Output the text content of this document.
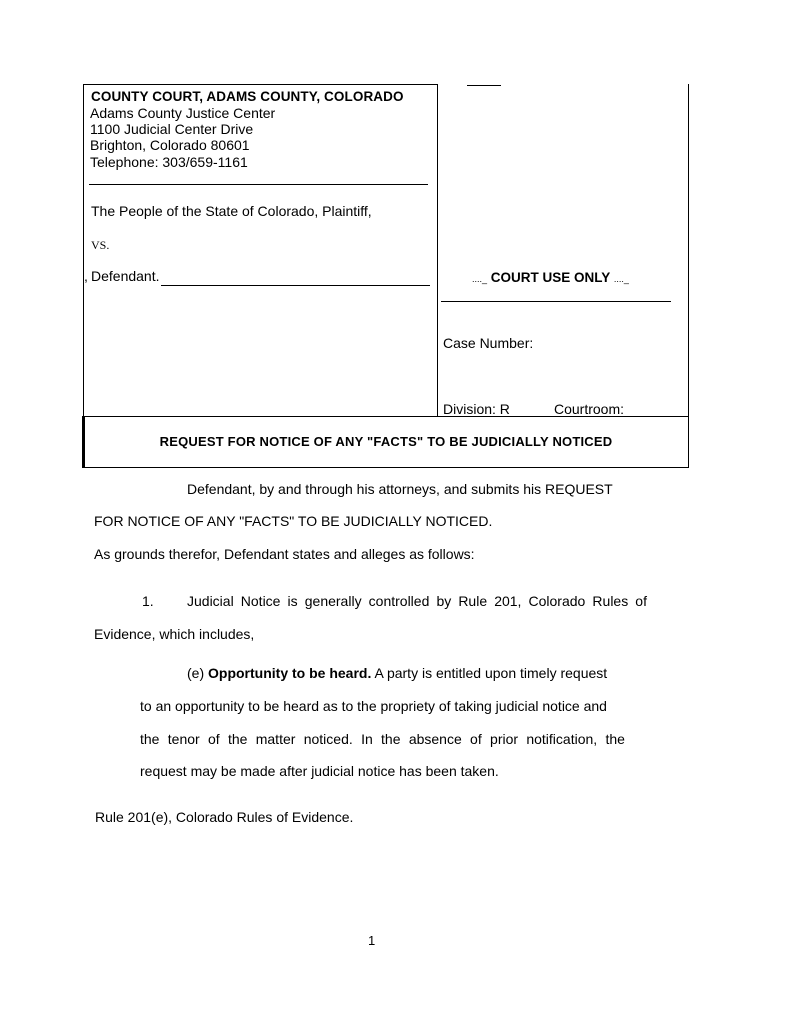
COUNTY COURT, ADAMS COUNTY, COLORADO
Adams County Justice Center
1100 Judicial Center Drive
Brighton, Colorado 80601
Telephone: 303/659-1161
The People of the State of Colorado, Plaintiff,
VS.
, Defendant.	...._ COURT USE ONLY ...._
Case Number:
Division: R	Courtroom:
REQUEST FOR NOTICE OF ANY "FACTS" TO BE JUDICIALLY NOTICED
Defendant, by and through his attorneys, and submits his REQUEST
FOR NOTICE OF ANY "FACTS" TO BE JUDICIALLY NOTICED.
As grounds therefor, Defendant states and alleges as follows:
1. Judicial Notice is generally controlled by Rule 201, Colorado Rules of
Evidence, which includes,
(e) Opportunity to be heard. A party is entitled upon timely request
to an opportunity to be heard as to the propriety of taking judicial notice and
the tenor of the matter noticed. In the absence of prior notification, the
request may be made after judicial notice has been taken.
Rule 201(e), Colorado Rules of Evidence.
1
